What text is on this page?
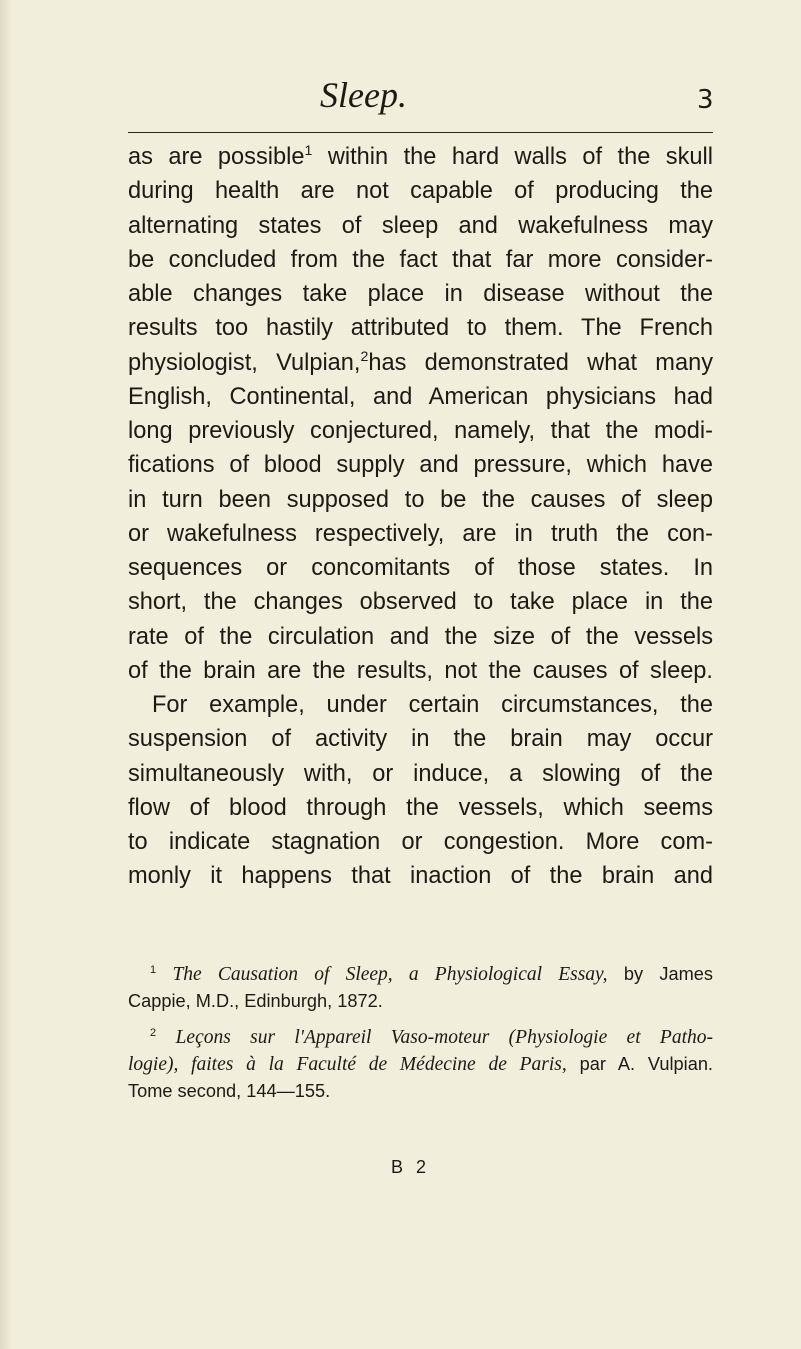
Sleep.	3
as are possible$^1$ within the hard walls of the skull
during health are not capable of producing the
alternating states of sleep and wakefulness may
be concluded from the fact that far more consider-
able changes take place in disease without the
results too hastily attributed to them. The French
physiologist, Vulpian,$^2$has demonstrated what many
English, Continental, and American physicians had
long previously conjectured, namely, that the modi-
fications of blood supply and pressure, which have
in turn been supposed to be the causes of sleep
or wakefulness respectively, are in truth the con-
sequences or concomitants of those states. In
short, the changes observed to take place in the
rate of the circulation and the size of the vessels
of the brain are the results, not the causes of sleep.
For example, under certain circumstances, the
suspension of activity in the brain may occur
simultaneously with, or induce, a slowing of the
flow of blood through the vessels, which seems
to indicate stagnation or congestion. More com-
monly it happens that inaction of the brain and
$^1$ The Causation of Sleep, a Physiological Essay, by James
Cappie, M.D., Edinburgh, 1872.
$^2$ Leçons sur l'Appareil Vaso-moteur (Physiologie et Patho-
logie), faites à la Faculté de Médecine de Paris, par A. Vulpian.
Tome second, 144—155.
B 2
